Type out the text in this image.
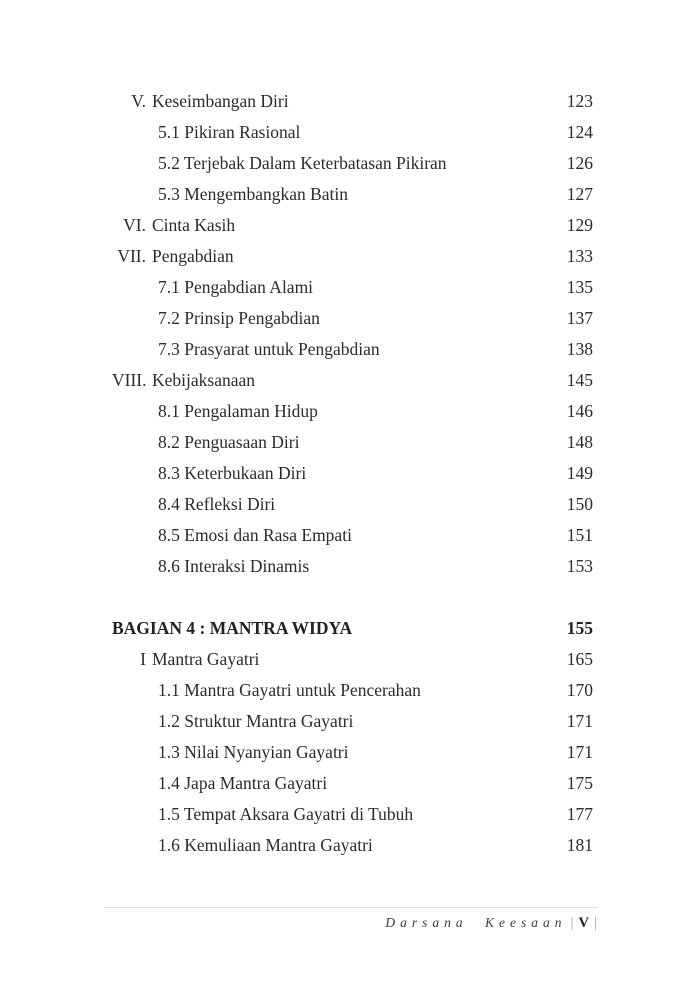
V. Keseimbangan Diri	123
5.1 Pikiran Rasional	124
5.2 Terjebak Dalam Keterbatasan Pikiran	126
5.3 Mengembangkan Batin	127
VI. Cinta Kasih	129
VII. Pengabdian	133
7.1 Pengabdian Alami	135
7.2 Prinsip Pengabdian	137
7.3 Prasyarat untuk Pengabdian	138
VIII. Kebijaksanaan	145
8.1 Pengalaman Hidup	146
8.2 Penguasaan Diri	148
8.3 Keterbukaan Diri	149
8.4 Refleksi Diri	150
8.5 Emosi dan Rasa Empati	151
8.6 Interaksi Dinamis	153
BAGIAN 4 : MANTRA WIDYA	155
I Mantra Gayatri	165
1.1 Mantra Gayatri untuk Pencerahan	170
1.2 Struktur Mantra Gayatri	171
1.3 Nilai Nyanyian Gayatri	171
1.4 Japa Mantra Gayatri	175
1.5 Tempat Aksara Gayatri di Tubuh	177
1.6 Kemuliaan Mantra Gayatri	181
Darsana Keesaan | V |
